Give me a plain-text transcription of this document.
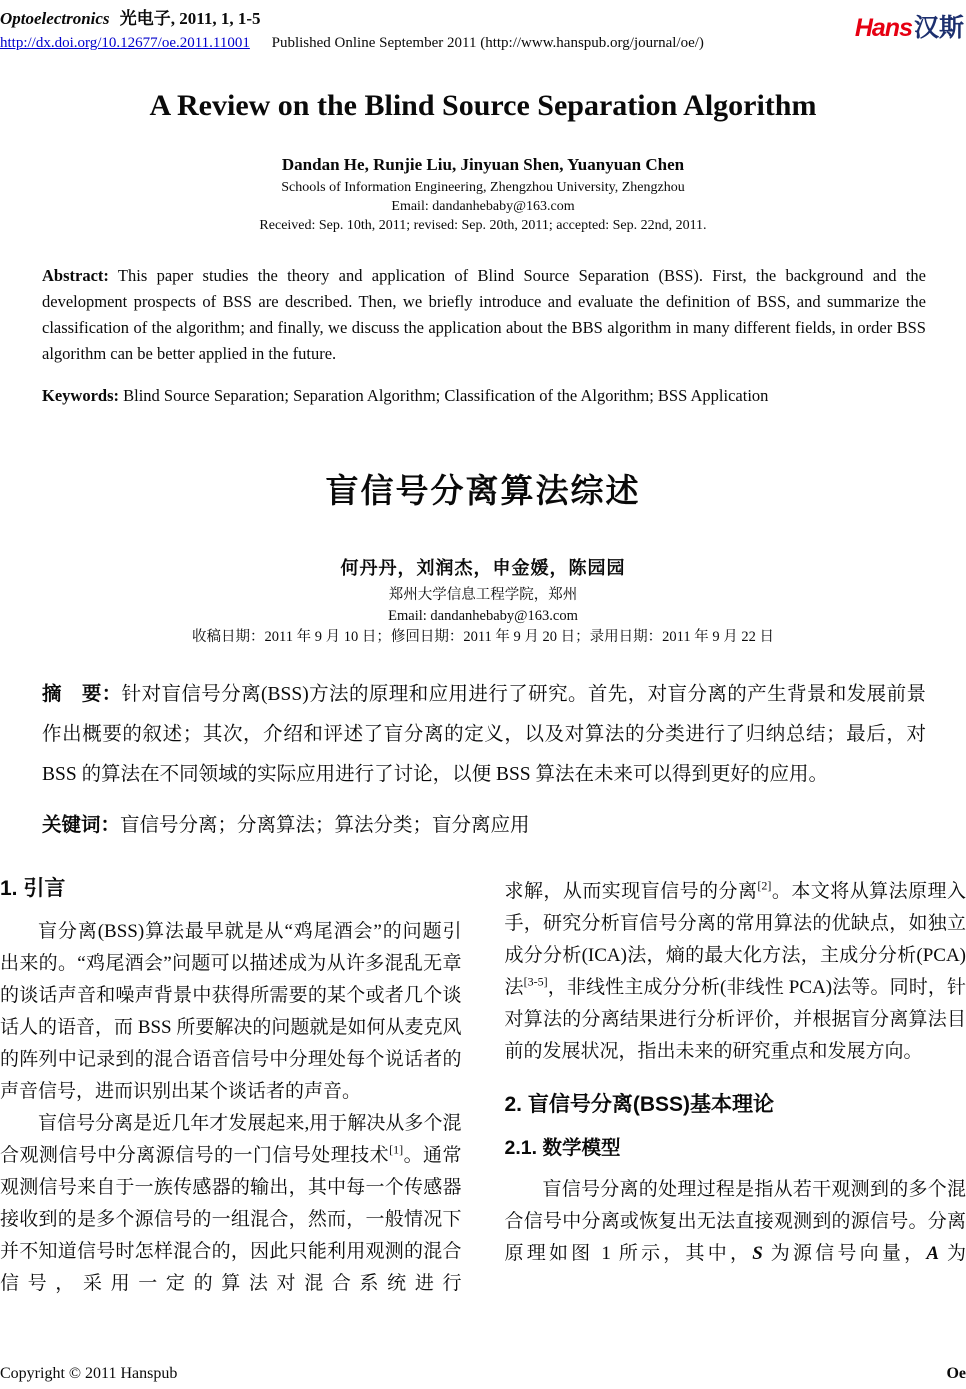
Optoelectronics 光电子, 2011, 1, 1-5
http://dx.doi.org/10.12677/oe.2011.11001 Published Online September 2011 (http://www.hanspub.org/journal/oe/)
Hans汉斯
A Review on the Blind Source Separation Algorithm
Dandan He, Runjie Liu, Jinyuan Shen, Yuanyuan Chen
Schools of Information Engineering, Zhengzhou University, Zhengzhou
Email: dandanhebaby@163.com
Received: Sep. 10th, 2011; revised: Sep. 20th, 2011; accepted: Sep. 22nd, 2011.
Abstract: This paper studies the theory and application of Blind Source Separation (BSS). First, the background and the development prospects of BSS are described. Then, we briefly introduce and evaluate the definition of BSS, and summarize the classification of the algorithm; and finally, we discuss the application about the BBS algorithm in many different fields, in order BSS algorithm can be better applied in the future.
Keywords: Blind Source Separation; Separation Algorithm; Classification of the Algorithm; BSS Application
盲信号分离算法综述
何丹丹，刘润杰，申金媛，陈园园
郑州大学信息工程学院，郑州
Email: dandanhebaby@163.com
收稿日期：2011 年 9 月 10 日；修回日期：2011 年 9 月 20 日；录用日期：2011 年 9 月 22 日
摘　要：针对盲信号分离(BSS)方法的原理和应用进行了研究。首先，对盲分离的产生背景和发展前景作出概要的叙述；其次，介绍和评述了盲分离的定义，以及对算法的分类进行了归纳总结；最后，对 BSS 的算法在不同领域的实际应用进行了讨论，以便 BSS 算法在未来可以得到更好的应用。
关键词：盲信号分离；分离算法；算法分类；盲分离应用
1. 引言

盲分离(BSS)算法最早就是从“鸡尾酒会”的问题引出来的。“鸡尾酒会”问题可以描述成为从许多混乱无章的谈话声音和噪声背景中获得所需要的某个或者几个谈话人的语音，而 BSS 所要解决的问题就是如何从麦克风的阵列中记录到的混合语音信号中分理处每个说话者的声音信号，进而识别出某个谈话者的声音。

盲信号分离是近几年才发展起来,用于解决从多个混合观测信号中分离源信号的一门信号处理技术[1]。通常观测信号来自于一族传感器的输出，其中每一个传感器接收到的是多个源信号的一组混合，然而，一般情况下并不知道信号时怎样混合的，因此只能利用观测的混合信号，采用一定的算法对混合系统进行

求解，从而实现盲信号的分离[2]。本文将从算法原理入手，研究分析盲信号分离的常用算法的优缺点，如独立成分分析(ICA)法，熵的最大化方法，主成分分析(PCA)法[3-5]，非线性主成分分析(非线性 PCA)法等。同时，针对算法的分离结果进行分析评价，并根据盲分离算法目前的发展状况，指出未来的研究重点和发展方向。

2. 盲信号分离(BSS)基本理论
2.1. 数学模型

盲信号分离的处理过程是指从若干观测到的多个混合信号中分离或恢复出无法直接观测到的源信号。分离原理如图 1 所示，其中，S 为源信号向量，A 为

Copyright © 2011 Hanspub	Oe
